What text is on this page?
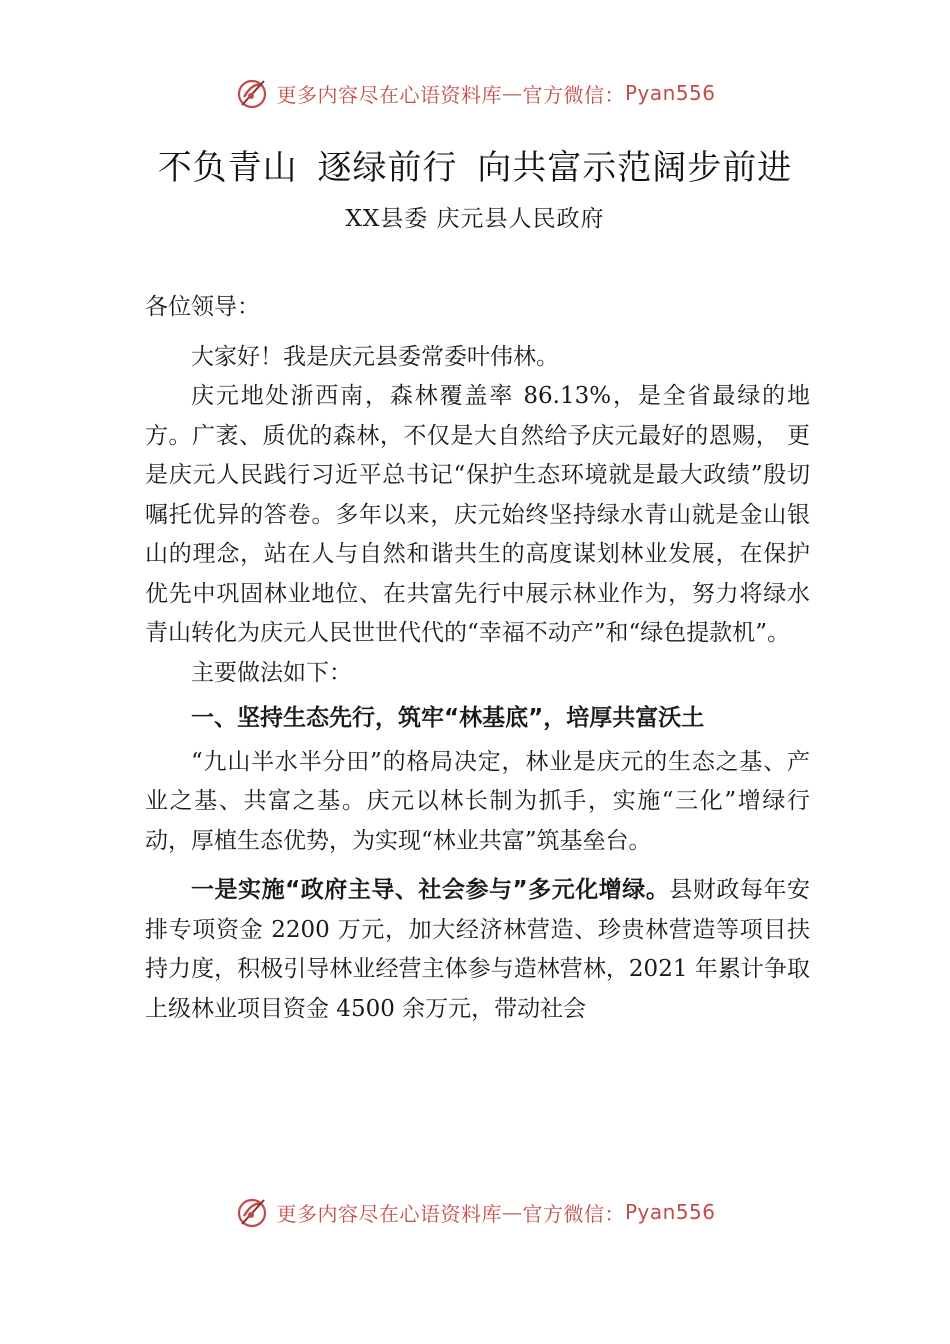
更多内容尽在心语资料库 — 官方微信： Pyan556
不负青山 逐绿前行 向共富示范阔步前进
XX县委 庆元县人民政府

各位领导：

大家好！我是庆元县委常委叶伟林。

庆元地处浙西南，森林覆盖率 86.13%，是全省最绿的地方。广袤、质优的森林，不仅是大自然给予庆元最好的恩赐， 更是庆元人民践行习近平总书记“保护生态环境就是最大政绩”殷切嘱托优异的答卷。多年以来，庆元始终坚持绿水青山就是金山银山的理念，站在人与自然和谐共生的高度谋划林业发展，在保护优先中巩固林业地位、在共富先行中展示林业作为，努力将绿水青山转化为庆元人民世世代代的“幸福不动产”和“绿色提款机”。

主要做法如下：

一、坚持生态先行，筑牢“林基底”，培厚共富沃土

“九山半水半分田”的格局决定，林业是庆元的生态之基、产业之基、共富之基。庆元以林长制为抓手，实施“三化”增绿行动，厚植生态优势，为实现“林业共富”筑基垒台。

一是实施“政府主导、社会参与”多元化增绿。县财政每年安排专项资金 2200 万元，加大经济林营造、珍贵林营造等项目扶持力度，积极引导林业经营主体参与造林营林，2021 年累计争取上级林业项目资金 4500 余万元，带动社会

更多内容尽在心语资料库 — 官方微信： Pyan556
